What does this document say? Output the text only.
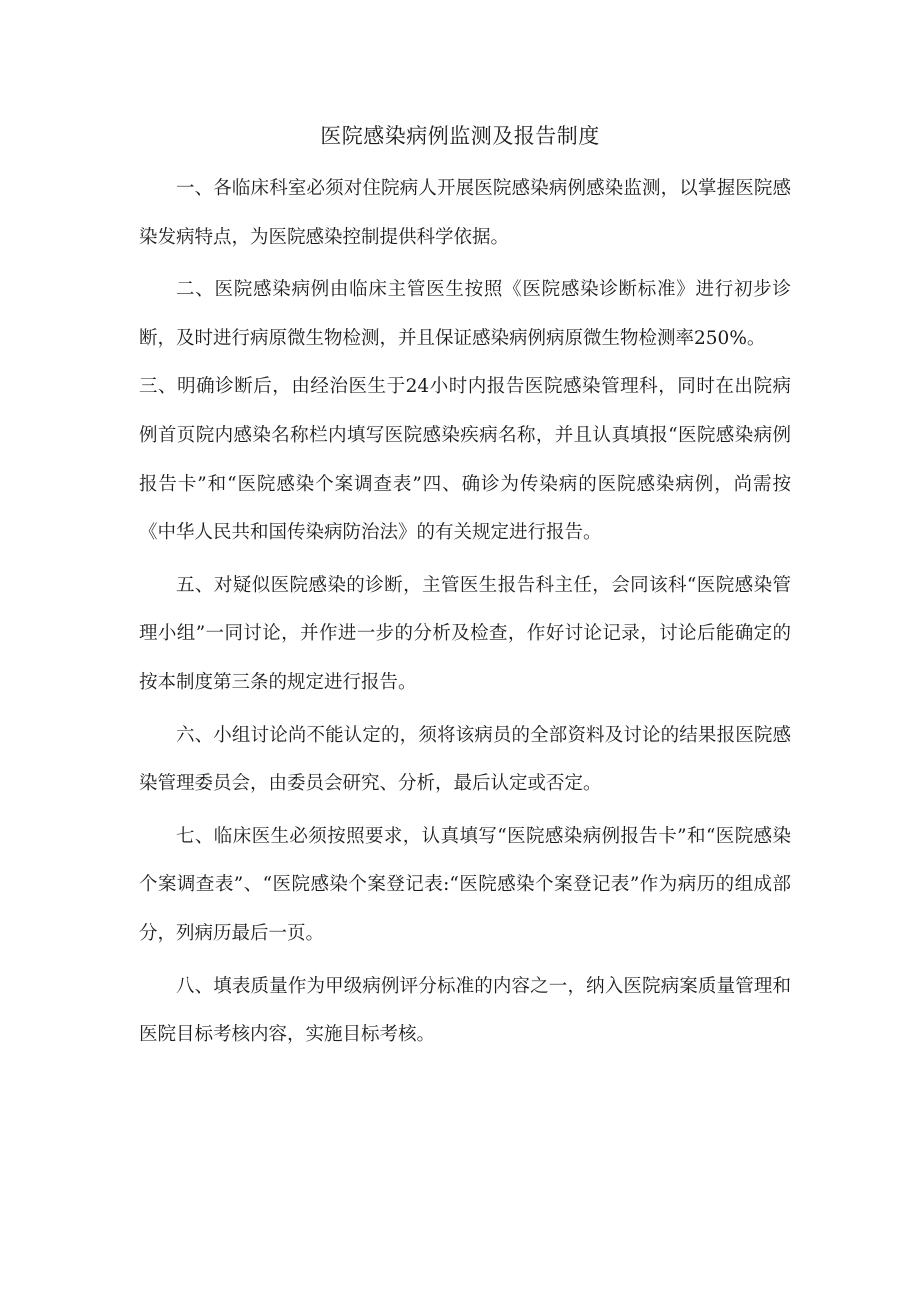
医院感染病例监测及报告制度

一、各临床科室必须对住院病人开展医院感染病例感染监测，以掌握医院感染发病特点，为医院感染控制提供科学依据。

二、医院感染病例由临床主管医生按照《医院感染诊断标准》进行初步诊断，及时进行病原微生物检测，并且保证感染病例病原微生物检测率250%。

三、明确诊断后，由经治医生于24小时内报告医院感染管理科，同时在出院病例首页院内感染名称栏内填写医院感染疾病名称，并且认真填报“医院感染病例报告卡”和“医院感染个案调查表”四、确诊为传染病的医院感染病例，尚需按《中华人民共和国传染病防治法》的有关规定进行报告。

五、对疑似医院感染的诊断，主管医生报告科主任，会同该科“医院感染管理小组”一同讨论，并作进一步的分析及检查，作好讨论记录，讨论后能确定的按本制度第三条的规定进行报告。

六、小组讨论尚不能认定的，须将该病员的全部资料及讨论的结果报医院感染管理委员会，由委员会研究、分析，最后认定或否定。

七、临床医生必须按照要求，认真填写“医院感染病例报告卡”和“医院感染个案调查表”、“医院感染个案登记表:“医院感染个案登记表”作为病历的组成部分，列病历最后一页。

八、填表质量作为甲级病例评分标准的内容之一，纳入医院病案质量管理和医院目标考核内容，实施目标考核。
